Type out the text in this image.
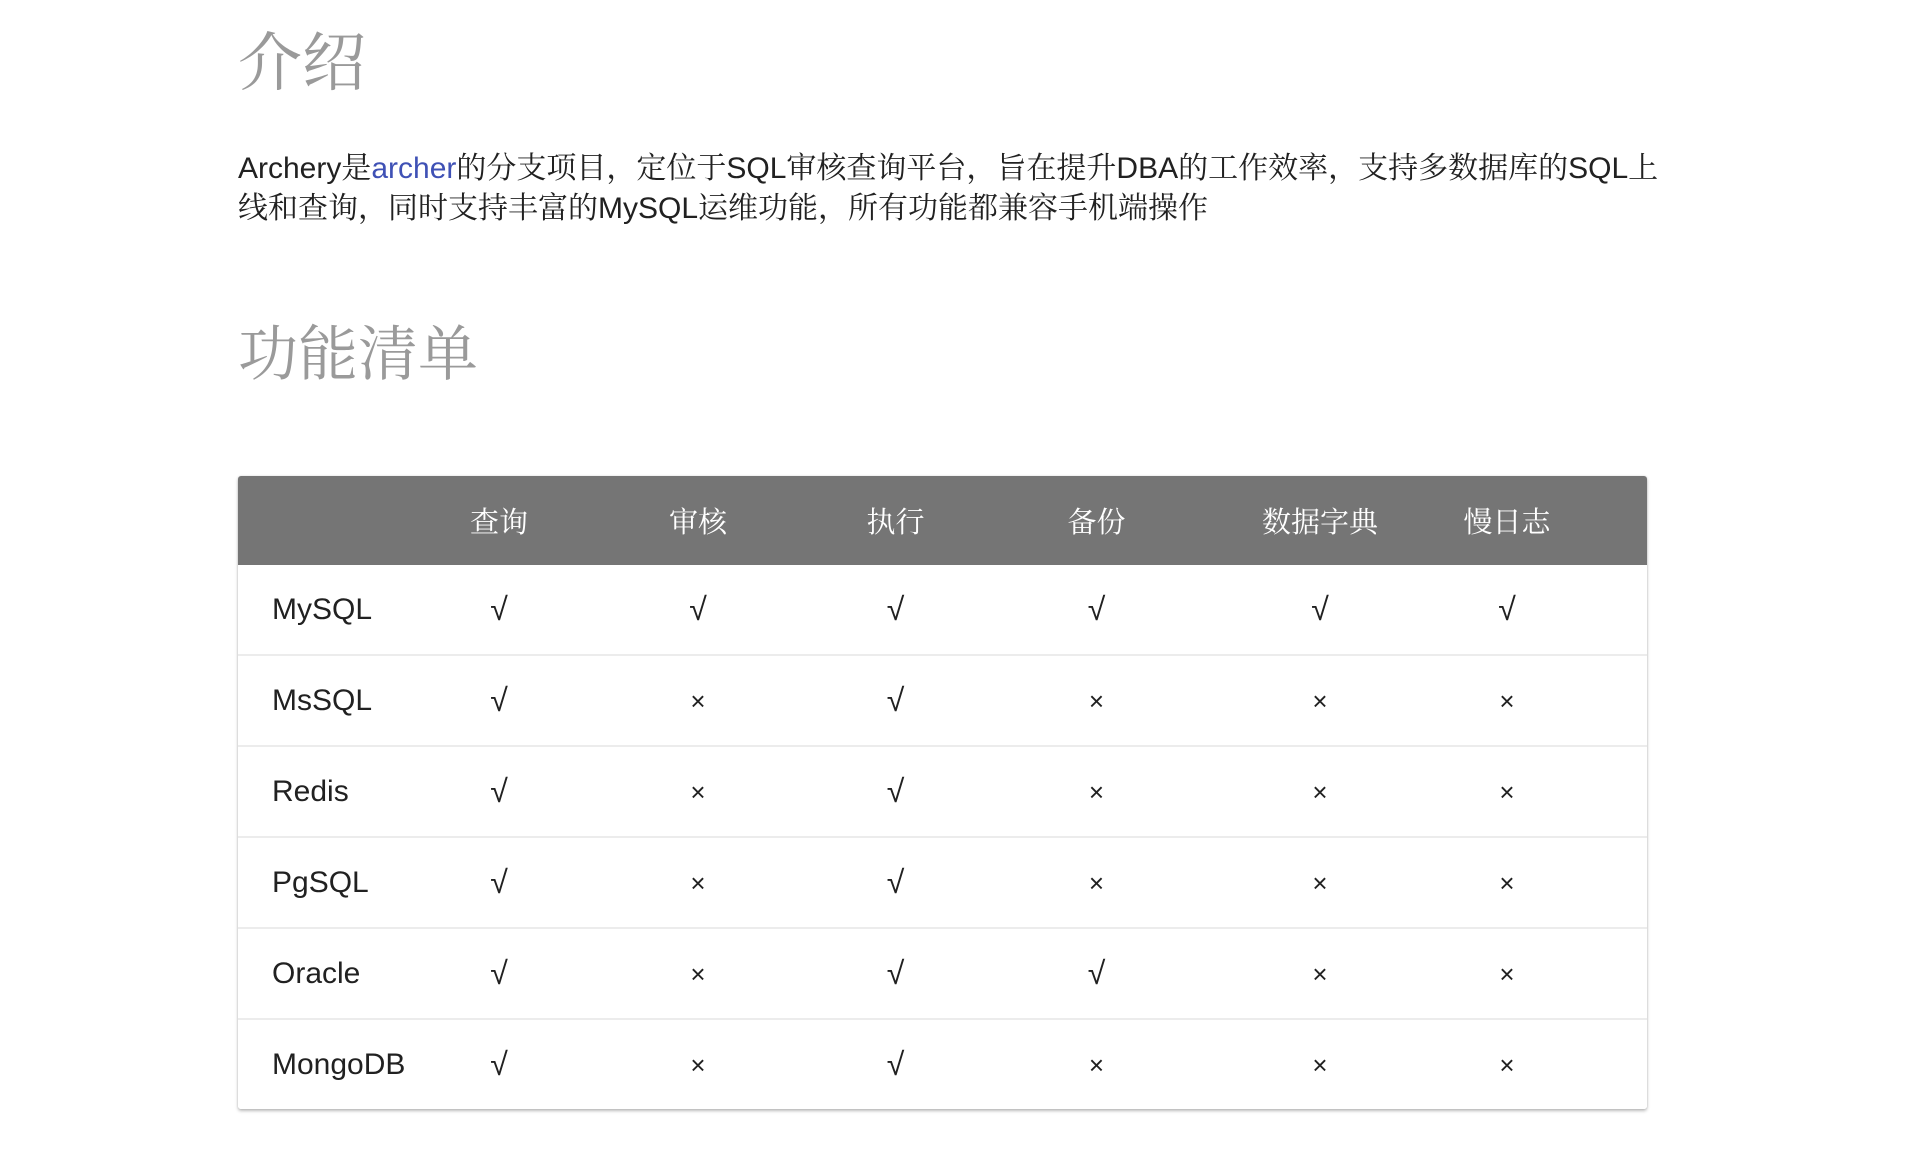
介绍

Archery是archer的分支项目，定位于SQL审核查询平台，旨在提升DBA的工作效率，支持多数据库的SQL上线和查询，同时支持丰富的MySQL运维功能，所有功能都兼容手机端操作

功能清单
	查询	审核	执行	备份	数据字典	慢日志
MySQL	√	√	√	√	√	√
MsSQL	√	×	√	×	×	×
Redis	√	×	√	×	×	×
PgSQL	√	×	√	×	×	×
Oracle	√	×	√	√	×	×
MongoDB	√	×	√	×	×	×
